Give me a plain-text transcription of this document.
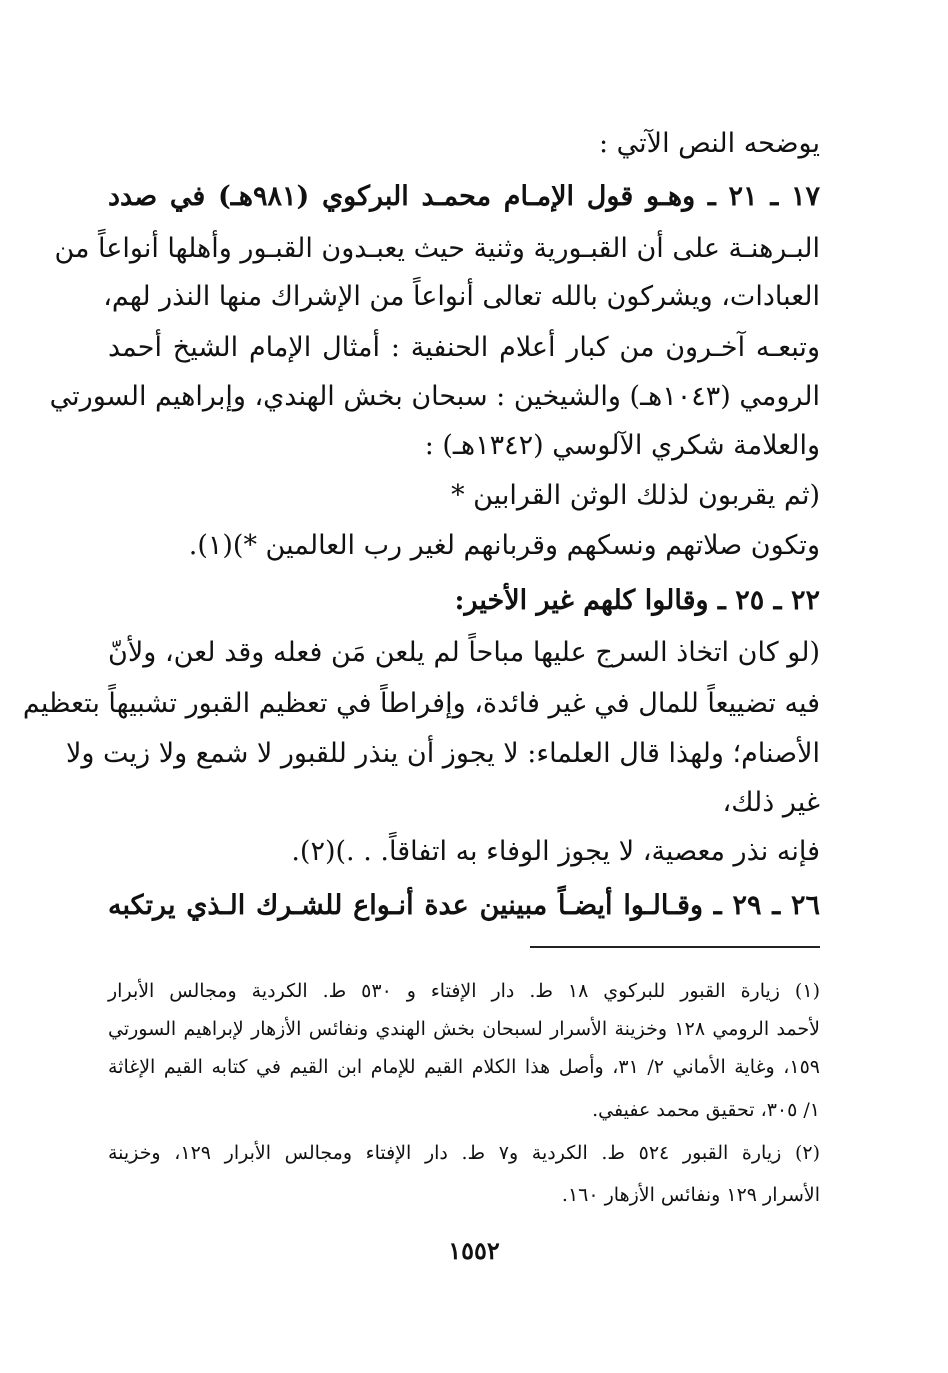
يوضحه النص الآتي :
١٧ ـ ٢١ ـ وهـو قول الإمـام محمـد البركوي (٩٨١هـ) في صدد
البـرهنـة على أن القبـورية وثنية حيث يعبـدون القبـور وأهلها أنواعاً من
العبادات، ويشركون بالله تعالى أنواعاً من الإشراك منها النذر لهم،
وتبعـه آخـرون من كبار أعلام الحنفية : أمثال الإمام الشيخ أحمد
الرومي (١٠٤٣هـ) والشيخين : سبحان بخش الهندي، وإبراهيم السورتي
والعلامة شكري الآلوسي (١٣٤٢هـ) :
(ثم يقربون لذلك الوثن القرابين *
وتكون صلاتهم ونسكهم وقربانهم لغير رب العالمين *)(١).
٢٢ ـ ٢٥ ـ وقالوا كلهم غير الأخير:
(لو كان اتخاذ السرج عليها مباحاً لم يلعن مَن فعله وقد لعن، ولأنّ
فيه تضييعاً للمال في غير فائدة، وإفراطاً في تعظيم القبور تشبيهاً بتعظيم
الأصنام؛ ولهذا قال العلماء: لا يجوز أن ينذر للقبور لا شمع ولا زيت ولا
غير ذلك،
فإنه نذر معصية، لا يجوز الوفاء به اتفاقاً. . .)(٢).
٢٦ ـ ٢٩ ـ وقـالـوا أيضـاً مبينين عدة أنـواع للشـرك الـذي يرتكبه
(١) زيارة القبور للبركوي ١٨ ط. دار الإفتاء و ٥٣٠ ط. الكردية ومجالس الأبرار
لأحمد الرومي ١٢٨ وخزينة الأسرار لسبحان بخش الهندي ونفائس الأزهار لإبراهيم السورتي
١٥٩، وغاية الأماني ٢/ ٣١، وأصل هذا الكلام القيم للإمام ابن القيم في كتابه القيم الإغاثة
١/ ٣٠٥، تحقيق محمد عفيفي.
(٢) زيارة القبور ٥٢٤ ط. الكردية و٧ ط. دار الإفتاء ومجالس الأبرار ١٢٩، وخزينة
الأسرار ١٢٩ ونفائس الأزهار ١٦٠.
١٥٥٢
